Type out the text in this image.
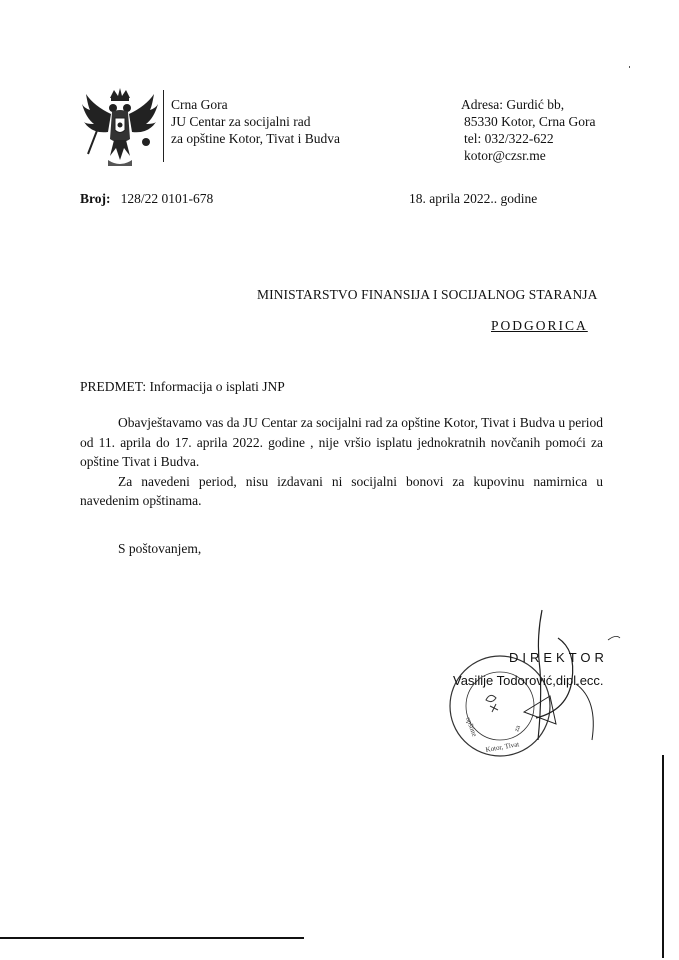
Crna Gora
JU Centar za socijalni rad
za opštine Kotor, Tivat i Budva
Adresa: Gurdić bb,
85330 Kotor, Crna Gora
tel: 032/322-622
kotor@czsr.me
Broj: 128/22 0101-678	18. aprila 2022.. godine
MINISTARSTVO FINANSIJA I SOCIJALNOG STARANJA
PODGORICA
PREDMET: Informacija o isplati JNP

Obavještavamo vas da JU Centar za socijalni rad za opštine Kotor, Tivat i Budva u period od 11. aprila do 17. aprila 2022. godine , nije vršio isplatu jednokratnih novčanih pomoći za opštine Tivat i Budva.

Za navedeni period, nisu izdavani ni socijalni bonovi za kupovinu namirnica u navedenim opštinama.

S poštovanjem,
opštine
Kotor, Tivat
za
DIREKTOR
Vasilije Todorović,dipl.ecc.
